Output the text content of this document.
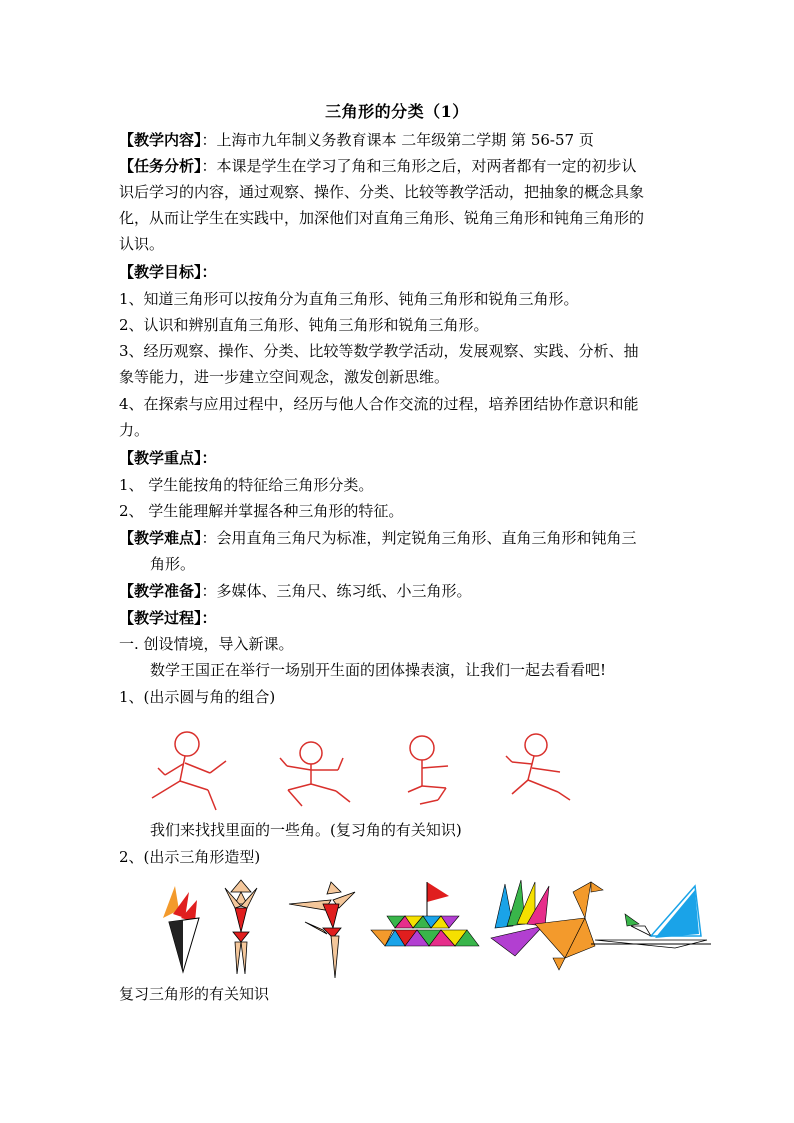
三角形的分类（1）
【教学内容】：上海市九年制义务教育课本 二年级第二学期 第 56-57 页
【任务分析】：本课是学生在学习了角和三角形之后，对两者都有一定的初步认
识后学习的内容，通过观察、操作、分类、比较等教学活动，把抽象的概念具象
化，从而让学生在实践中，加深他们对直角三角形、锐角三角形和钝角三角形的
认识。
【教学目标】：
1、知道三角形可以按角分为直角三角形、钝角三角形和锐角三角形。
2、认识和辨别直角三角形、钝角三角形和锐角三角形。
3、经历观察、操作、分类、比较等数学教学活动，发展观察、实践、分析、抽
象等能力，进一步建立空间观念，激发创新思维。
4、在探索与应用过程中，经历与他人合作交流的过程，培养团结协作意识和能
力。
【教学重点】：
1、 学生能按角的特征给三角形分类。
2、 学生能理解并掌握各种三角形的特征。
【教学难点】：会用直角三角尺为标准，判定锐角三角形、直角三角形和钝角三
角形。
【教学准备】：多媒体、三角尺、练习纸、小三角形。
【教学过程】：
一. 创设情境，导入新课。
数学王国正在举行一场别开生面的团体操表演，让我们一起去看看吧!
1、(出示圆与角的组合)
我们来找找里面的一些角。(复习角的有关知识)
2、(出示三角形造型)
复习三角形的有关知识
